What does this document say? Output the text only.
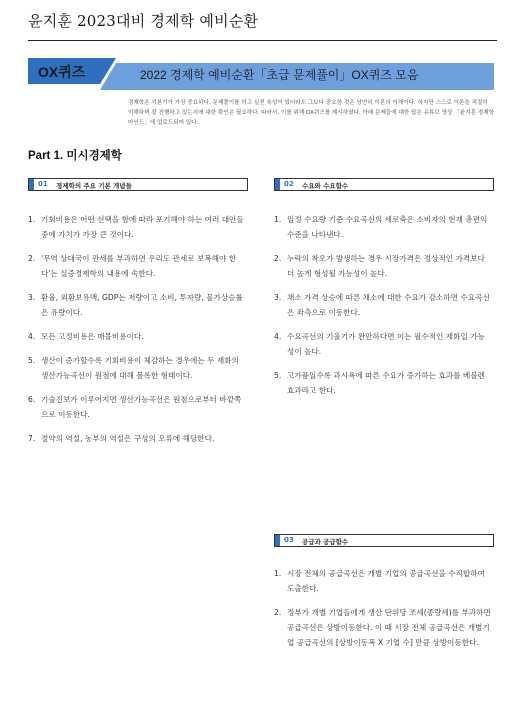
윤지훈 2023대비 경제학 예비순환
OX퀴즈	2022 경제학 예비순환「초급 문제풀이」OX퀴즈 모음

경제학은 기본기가 가장 중요하다. 문제풀이를 하고 실전 육성이 있더라도 그보다 중요한 것은 당연히 이론의 이해이다. 하지만 스스로 이론을 적절히 이해하며 잘 진행하고 있는지에 대한 확인은 필요하다. 따라서, 이를 위해 OX퀴즈를 제시하였다. 아래 문제들에 대한 답은 유튜브 영상 「윤지훈 경제학 마인드」에 업로드되어 있다.

Part 1. 미시경제학
01 경제학의 주요 기본 개념들
1. 기회비용은 어떤 선택을 함에 따라 포기해야 하는 여러 대안들 중에 가치가 가장 큰 것이다.
2. '무역 상대국이 관세를 부과하면 우리도 관세로 보복해야 한다'는 실증경제학의 내용에 속한다.
3. 환율, 외환보유액, GDP는 저량이고 소비, 투자량, 물가상승률은 유량이다.
4. 모든 고정비용은 매몰비용이다.
5. 생산이 증가할수록 기회비용이 체감하는 경우에는 두 재화의 생산가능곡선이 원점에 대해 볼록한 형태이다.
6. 기술진보가 이루어지면 생산가능곡선은 원점으로부터 바깥쪽으로 이동한다.
7. 절약의 역설, 농부의 역설은 구성의 오류에 해당한다.
02 수요와 수요함수
1. 일정 수요량 기준 수요곡선의 세로축은 소비자의 현재 총편익 수준을 나타낸다.
2. 누락의 착오가 발생하는 경우 시장가격은 정상적인 가격보다 더 높게 형성될 가능성이 높다.
3. 채소 가격 상승에 따른 채소에 대한 수요가 감소하면 수요곡선은 좌측으로 이동한다.
4. 수요곡선의 기울기가 완만하다면 이는 필수적인 재화일 가능성이 높다.
5. 고가품일수록 과시욕에 따른 수요가 증가하는 효과를 베블렌효과라고 한다.
03 공급과 공급함수
1. 시장 전체의 공급곡선은 개별 기업의 공급곡선을 수직합하여 도출한다.
2. 정부가 개별 기업들에게 생산 단위당 조세(종량세)를 부과하면 공급곡선은 상방이동한다. 이 때 시장 전체 공급곡선은 개별기업 공급곡선의 [상방이동폭 X 기업 수] 만큼 상방이동한다.
